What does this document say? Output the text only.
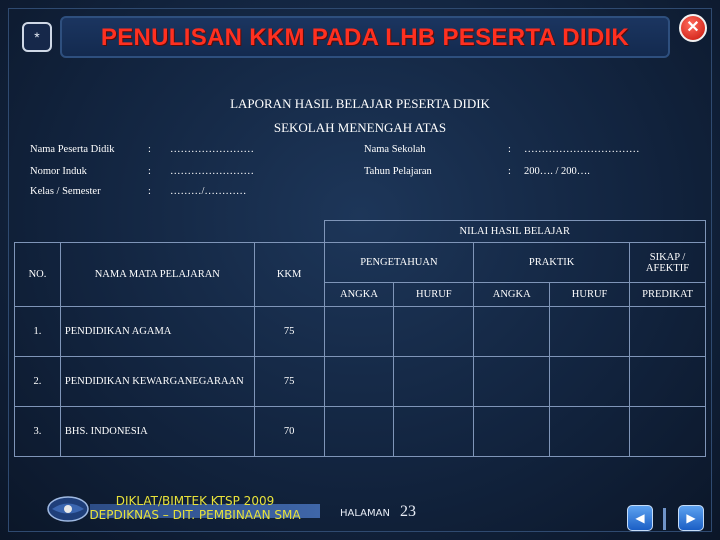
*	PENULISAN KKM PADA LHB PESERTA DIDIK	✕
LAPORAN HASIL BELAJAR PESERTA DIDIK
SEKOLAH MENENGAH ATAS
Nama Peserta Didik	: ……………………
Nomor Induk	: ……………………
Kelas / Semester	: ………/…………
Nama Sekolah	: ……………………………
Tahun Pelajaran	: 200…. / 200….
			NILAI HASIL BELAJAR				
NO.	NAMA MATA PELAJARAN	KKM	PENGETAHUAN		PRAKTIK		SIKAP / AFEKTIF
			ANGKA	HURUF	ANGKA	HURUF	PREDIKAT
1.	PENDIDIKAN AGAMA	75					
2.	PENDIDIKAN KEWARGANEGARAAN	75					
3.	BHS. INDONESIA	70					
DIKLAT/BIMTEK KTSP 2009
DEPDIKNAS – DIT. PEMBINAAN SMA	HALAMAN 23	◀	▶
